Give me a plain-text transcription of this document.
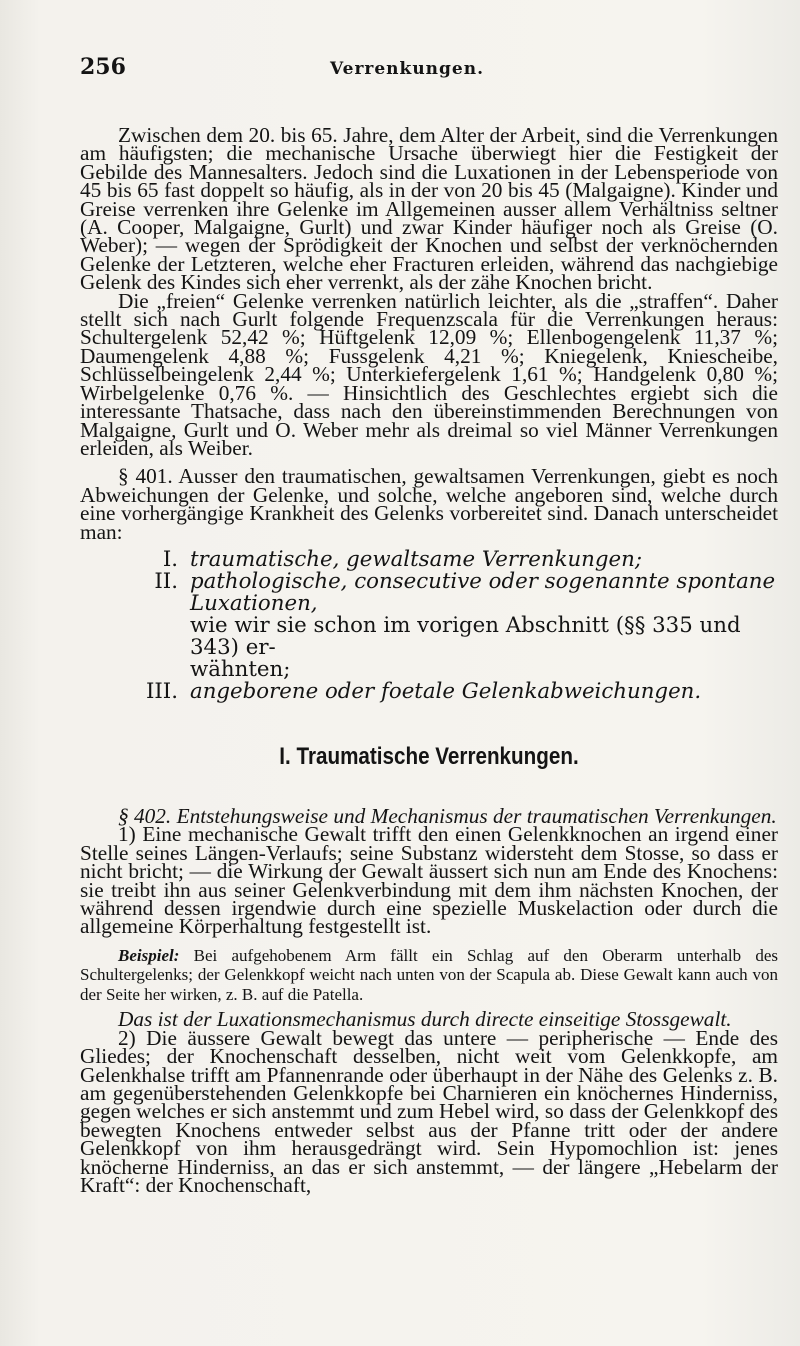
256	Verrenkungen.

Zwischen dem 20. bis 65. Jahre, dem Alter der Arbeit, sind die Verrenkungen am häufigsten; die mechanische Ursache überwiegt hier die Festigkeit der Gebilde des Mannesalters. Jedoch sind die Luxationen in der Lebensperiode von 45 bis 65 fast doppelt so häufig, als in der von 20 bis 45 (Malgaigne). Kinder und Greise verrenken ihre Gelenke im Allgemeinen ausser allem Verhältniss seltner (A. Cooper, Malgaigne, Gurlt) und zwar Kinder häufiger noch als Greise (O. Weber); — wegen der Sprödigkeit der Knochen und selbst der verknöchernden Gelenke der Letzteren, welche eher Fracturen erleiden, während das nachgiebige Gelenk des Kindes sich eher verrenkt, als der zähe Knochen bricht.

Die „freien“ Gelenke verrenken natürlich leichter, als die „straffen“. Daher stellt sich nach Gurlt folgende Frequenzscala für die Verrenkungen heraus: Schultergelenk 52,42 %; Hüftgelenk 12,09 %; Ellenbogengelenk 11,37 %; Daumengelenk 4,88 %; Fussgelenk 4,21 %; Kniegelenk, Kniescheibe, Schlüsselbeingelenk 2,44 %; Unterkiefergelenk 1,61 %; Handgelenk 0,80 %; Wirbelgelenke 0,76 %. — Hinsichtlich des Geschlechtes ergiebt sich die interessante Thatsache, dass nach den übereinstimmenden Berechnungen von Malgaigne, Gurlt und O. Weber mehr als dreimal so viel Männer Verrenkungen erleiden, als Weiber.

§ 401. Ausser den traumatischen, gewaltsamen Verrenkungen, giebt es noch Abweichungen der Gelenke, und solche, welche angeboren sind, welche durch eine vorhergängige Krankheit des Gelenks vorbereitet sind. Danach unterscheidet man:

I. traumatische, gewaltsame Verrenkungen;
II. pathologische, consecutive oder sogenannte spontane Luxationen,
wie wir sie schon im vorigen Abschnitt (§§ 335 und 343) er-
wähnten;
III. angeborene oder foetale Gelenkabweichungen.
I. Traumatische Verrenkungen.

§ 402. Entstehungsweise und Mechanismus der traumatischen Verrenkungen.

1) Eine mechanische Gewalt trifft den einen Gelenkknochen an irgend einer Stelle seines Längen-Verlaufs; seine Substanz widersteht dem Stosse, so dass er nicht bricht; — die Wirkung der Gewalt äussert sich nun am Ende des Knochens: sie treibt ihn aus seiner Gelenkverbindung mit dem ihm nächsten Knochen, der während dessen irgendwie durch eine spezielle Muskelaction oder durch die allgemeine Körperhaltung festgestellt ist.

Beispiel: Bei aufgehobenem Arm fällt ein Schlag auf den Oberarm unterhalb des Schultergelenks; der Gelenkkopf weicht nach unten von der Scapula ab. Diese Gewalt kann auch von der Seite her wirken, z. B. auf die Patella.

Das ist der Luxationsmechanismus durch directe einseitige Stossgewalt.

2) Die äussere Gewalt bewegt das untere — peripherische — Ende des Gliedes; der Knochenschaft desselben, nicht weit vom Gelenkkopfe, am Gelenkhalse trifft am Pfannenrande oder überhaupt in der Nähe des Gelenks z. B. am gegenüberstehenden Gelenkkopfe bei Charnieren ein knöchernes Hinderniss, gegen welches er sich anstemmt und zum Hebel wird, so dass der Gelenkkopf des bewegten Knochens entweder selbst aus der Pfanne tritt oder der andere Gelenkkopf von ihm herausgedrängt wird. Sein Hypomochlion ist: jenes knöcherne Hinderniss, an das er sich anstemmt, — der längere „Hebelarm der Kraft“: der Knochenschaft,
